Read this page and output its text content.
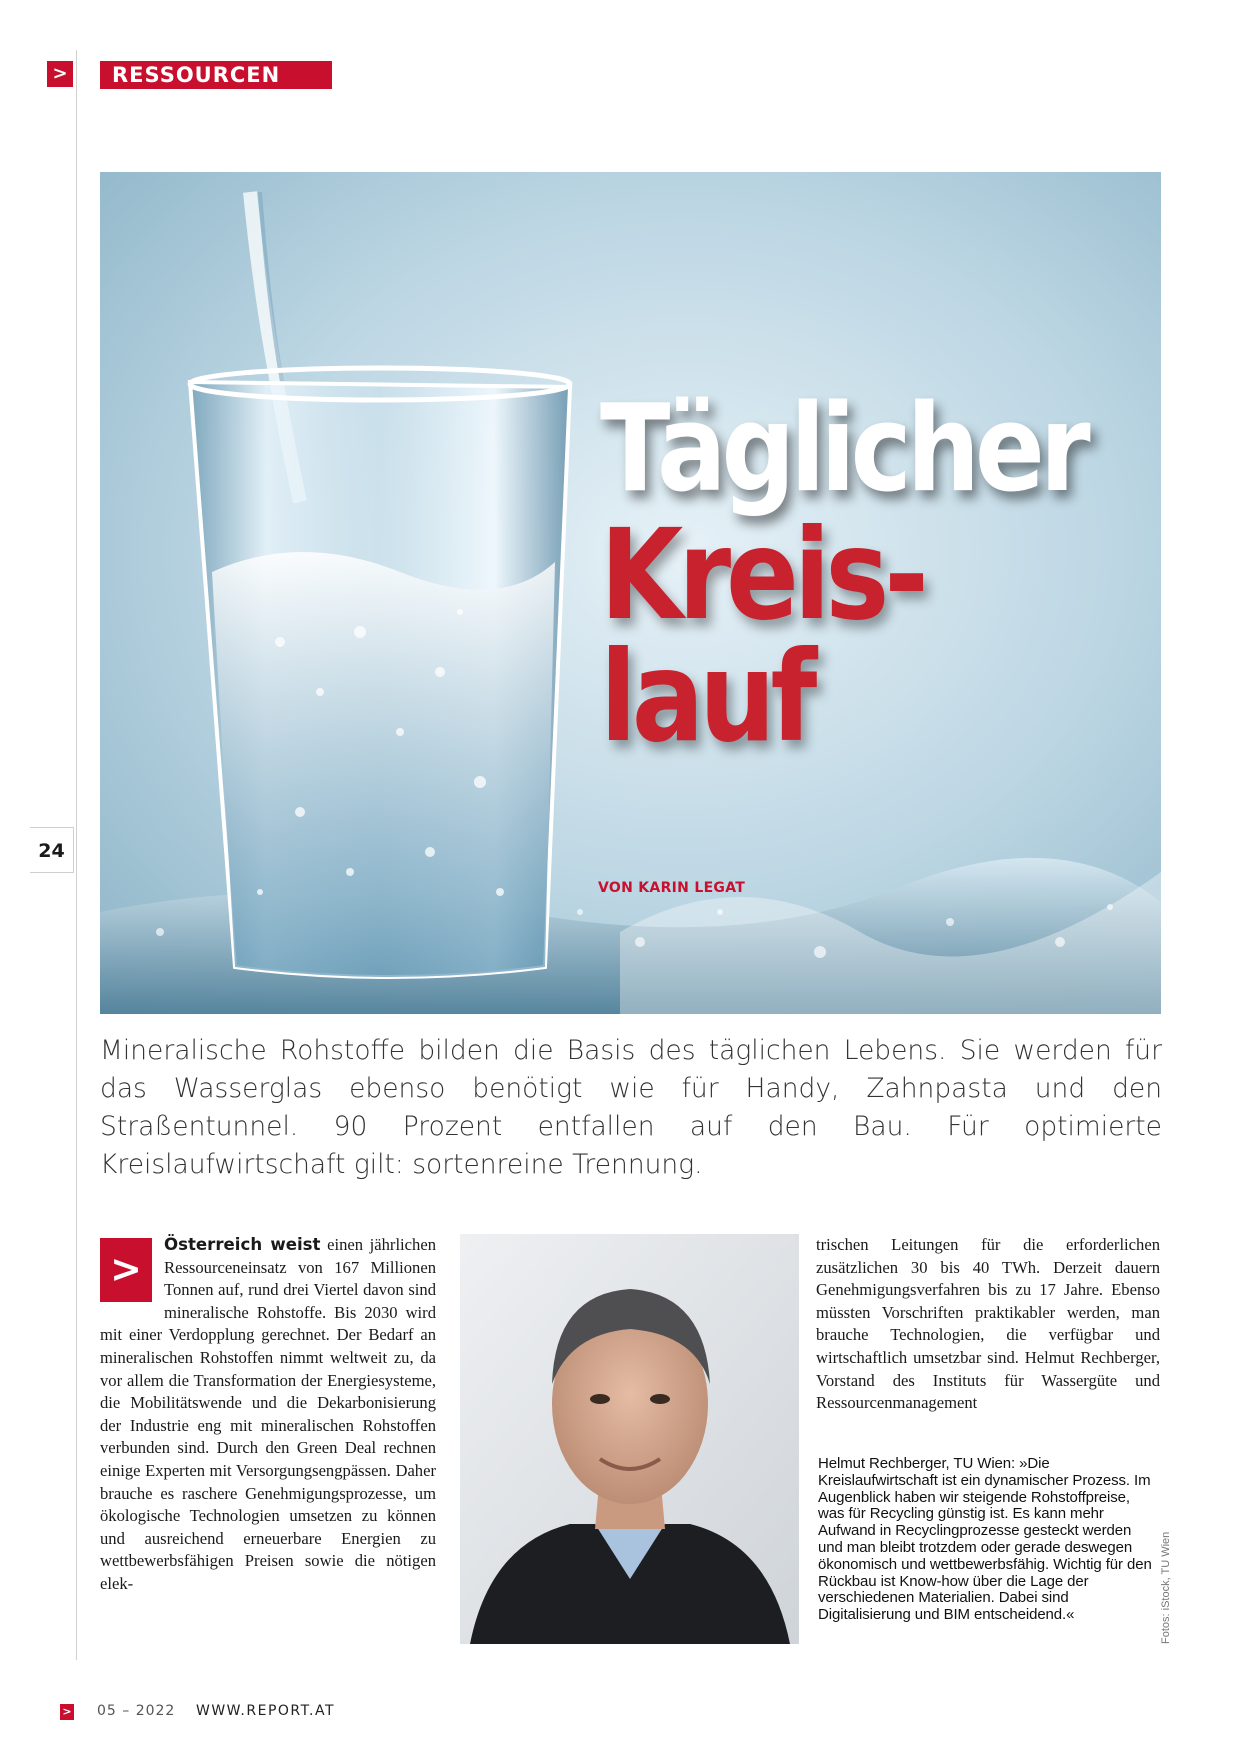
>	RESSOURCEN
24
Täglicher
Kreis-
lauf
VON KARIN LEGAT
Mineralische Rohstoffe bilden die Basis des täglichen Lebens. Sie werden für das Wasserglas ebenso benötigt wie für Handy, Zahnpasta und den Straßentunnel. 90 Prozent entfallen auf den Bau. Für optimierte Kreislaufwirtschaft gilt: sortenreine Trennung.
>
Österreich weist einen jährlichen Ressourceneinsatz von 167 Millionen Tonnen auf, rund drei Viertel davon sind mineralische Rohstoffe. Bis 2030 wird mit einer Verdopplung gerechnet. Der Bedarf an mineralischen Rohstoffen nimmt weltweit zu, da vor allem die Transformation der Energiesysteme, die Mobilitätswende und die Dekarbonisierung der Industrie eng mit mineralischen Rohstoffen verbunden sind. Durch den Green Deal rechnen einige Experten mit Versorgungsengpässen. Daher brauche es raschere Genehmigungsprozesse, um ökologische Technologien umsetzen zu können und ausreichend erneuerbare Energien zu wettbewerbsfähigen Preisen sowie die nötigen elek-
trischen Leitungen für die erforderlichen zusätzlichen 30 bis 40 TWh. Derzeit dauern Genehmigungsverfahren bis zu 17 Jahre. Ebenso müssten Vorschriften praktikabler werden, man brauche Technologien, die verfügbar und wirtschaftlich umsetzbar sind. Helmut Rechberger, Vorstand des Instituts für Wassergüte und Ressourcenmanagement
Helmut Rechberger, TU Wien: »Die Kreislaufwirtschaft ist ein dynamischer Prozess. Im Augenblick haben wir steigende Rohstoffpreise, was für Recycling günstig ist. Es kann mehr Aufwand in Recyclingprozesse gesteckt werden und man bleibt trotzdem oder gerade deswegen ökonomisch und wettbewerbsfähig. Wichtig für den Rückbau ist Know-how über die Lage der verschiedenen Materialien. Dabei sind Digitalisierung und BIM entscheidend.«	Fotos: iStock, TU Wien
> 05 – 2022 WWW.REPORT.AT
